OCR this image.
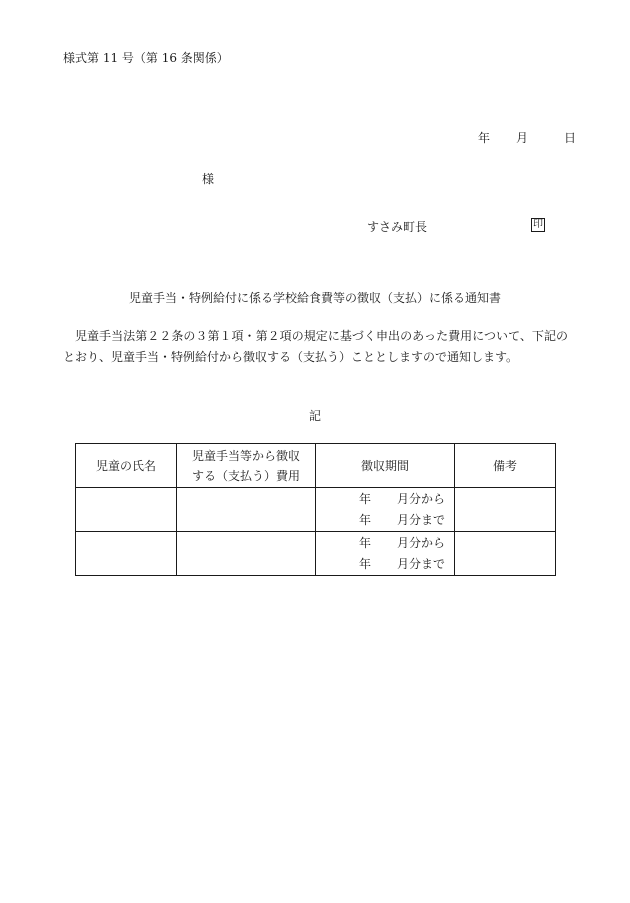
様式第 11 号（第 16 条関係）
年 月	日
様
すさみ町長	印
児童手当・特例給付に係る学校給食費等の徴収（支払）に係る通知書
児童手当法第２２条の３第１項・第２項の規定に基づく申出のあった費用について、下記のとおり、児童手当・特例給付から徴収する（支払う）こととしますので通知します。
記
児童の氏名	児童手当等から徴収
する（支払う）費用	徴収期間	備考

		年 月分から
年 月分まで	

		年 月分から
年 月分まで	
